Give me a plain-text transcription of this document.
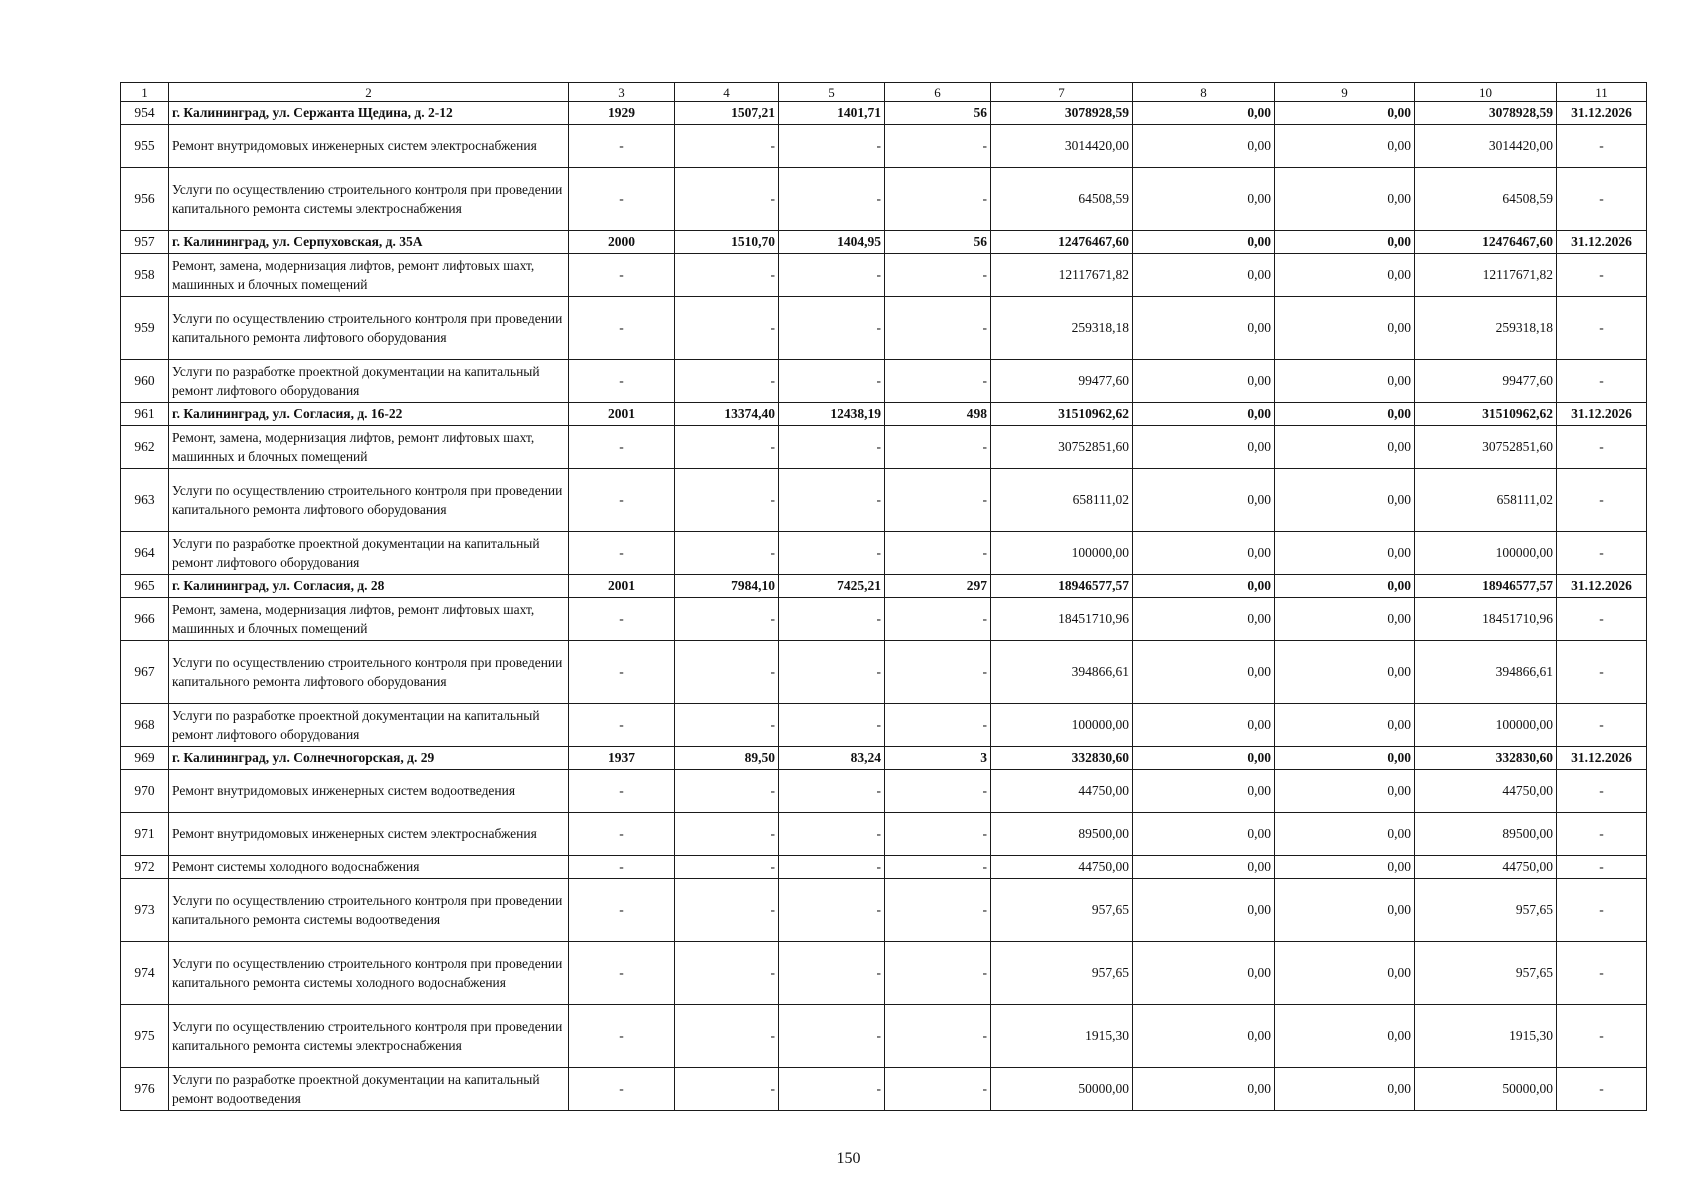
1	2	3	4	5	6	7	8	9	10	11
954	г. Калининград, ул. Сержанта Щедина, д. 2-12	1929	1507,21	1401,71	56	3078928,59	0,00	0,00	3078928,59	31.12.2026
955	Ремонт внутридомовых инженерных систем электроснабжения	-	-	-	-	3014420,00	0,00	0,00	3014420,00	-
956	Услуги по осуществлению строительного контроля при проведении капитального ремонта системы электроснабжения	-	-	-	-	64508,59	0,00	0,00	64508,59	-
957	г. Калининград, ул. Серпуховская, д. 35А	2000	1510,70	1404,95	56	12476467,60	0,00	0,00	12476467,60	31.12.2026
958	Ремонт, замена, модернизация лифтов, ремонт лифтовых шахт, машинных и блочных помещений	-	-	-	-	12117671,82	0,00	0,00	12117671,82	-
959	Услуги по осуществлению строительного контроля при проведении капитального ремонта лифтового оборудования	-	-	-	-	259318,18	0,00	0,00	259318,18	-
960	Услуги по разработке проектной документации на капитальный ремонт лифтового оборудования	-	-	-	-	99477,60	0,00	0,00	99477,60	-
961	г. Калининград, ул. Согласия, д. 16-22	2001	13374,40	12438,19	498	31510962,62	0,00	0,00	31510962,62	31.12.2026
962	Ремонт, замена, модернизация лифтов, ремонт лифтовых шахт, машинных и блочных помещений	-	-	-	-	30752851,60	0,00	0,00	30752851,60	-
963	Услуги по осуществлению строительного контроля при проведении капитального ремонта лифтового оборудования	-	-	-	-	658111,02	0,00	0,00	658111,02	-
964	Услуги по разработке проектной документации на капитальный ремонт лифтового оборудования	-	-	-	-	100000,00	0,00	0,00	100000,00	-
965	г. Калининград, ул. Согласия, д. 28	2001	7984,10	7425,21	297	18946577,57	0,00	0,00	18946577,57	31.12.2026
966	Ремонт, замена, модернизация лифтов, ремонт лифтовых шахт, машинных и блочных помещений	-	-	-	-	18451710,96	0,00	0,00	18451710,96	-
967	Услуги по осуществлению строительного контроля при проведении капитального ремонта лифтового оборудования	-	-	-	-	394866,61	0,00	0,00	394866,61	-
968	Услуги по разработке проектной документации на капитальный ремонт лифтового оборудования	-	-	-	-	100000,00	0,00	0,00	100000,00	-
969	г. Калининград, ул. Солнечногорская, д. 29	1937	89,50	83,24	3	332830,60	0,00	0,00	332830,60	31.12.2026
970	Ремонт внутридомовых инженерных систем водоотведения	-	-	-	-	44750,00	0,00	0,00	44750,00	-
971	Ремонт внутридомовых инженерных систем электроснабжения	-	-	-	-	89500,00	0,00	0,00	89500,00	-
972	Ремонт системы холодного водоснабжения	-	-	-	-	44750,00	0,00	0,00	44750,00	-
973	Услуги по осуществлению строительного контроля при проведении капитального ремонта системы водоотведения	-	-	-	-	957,65	0,00	0,00	957,65	-
974	Услуги по осуществлению строительного контроля при проведении капитального ремонта системы холодного водоснабжения	-	-	-	-	957,65	0,00	0,00	957,65	-
975	Услуги по осуществлению строительного контроля при проведении капитального ремонта системы электроснабжения	-	-	-	-	1915,30	0,00	0,00	1915,30	-
976	Услуги по разработке проектной документации на капитальный ремонт водоотведения	-	-	-	-	50000,00	0,00	0,00	50000,00	-
150
